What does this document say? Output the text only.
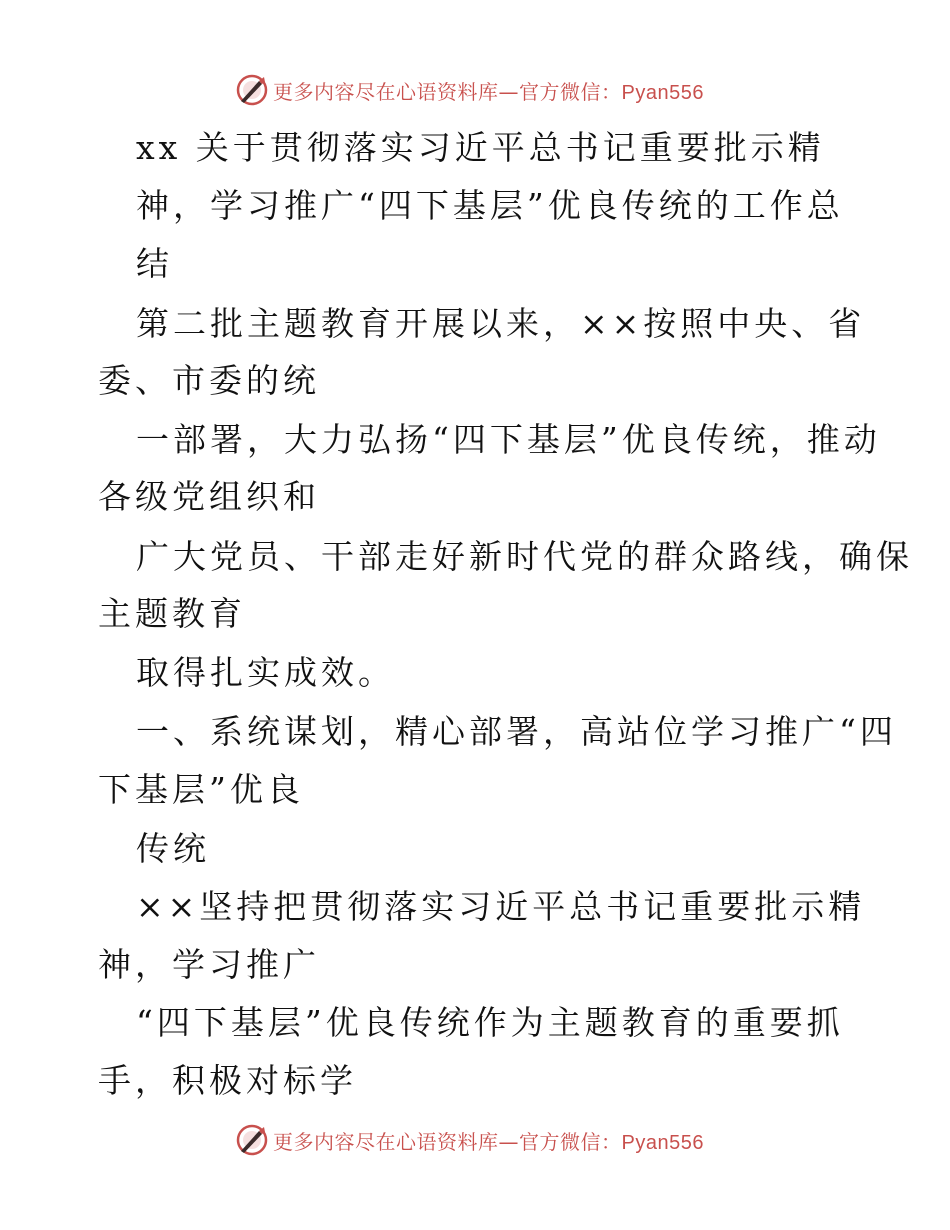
更多内容尽在心语资料库—官方微信：Pyan556
xx 关于贯彻落实习近平总书记重要批示精
神，学习推广“四下基层”优良传统的工作总
结
第二批主题教育开展以来，××按照中央、省
委、市委的统
一部署，大力弘扬“四下基层”优良传统，推动
各级党组织和
广大党员、干部走好新时代党的群众路线，确保
主题教育
取得扎实成效。
一、系统谋划，精心部署，高站位学习推广“四
下基层”优良
传统
××坚持把贯彻落实习近平总书记重要批示精
神，学习推广
“四下基层”优良传统作为主题教育的重要抓
手，积极对标学
更多内容尽在心语资料库—官方微信：Pyan556
